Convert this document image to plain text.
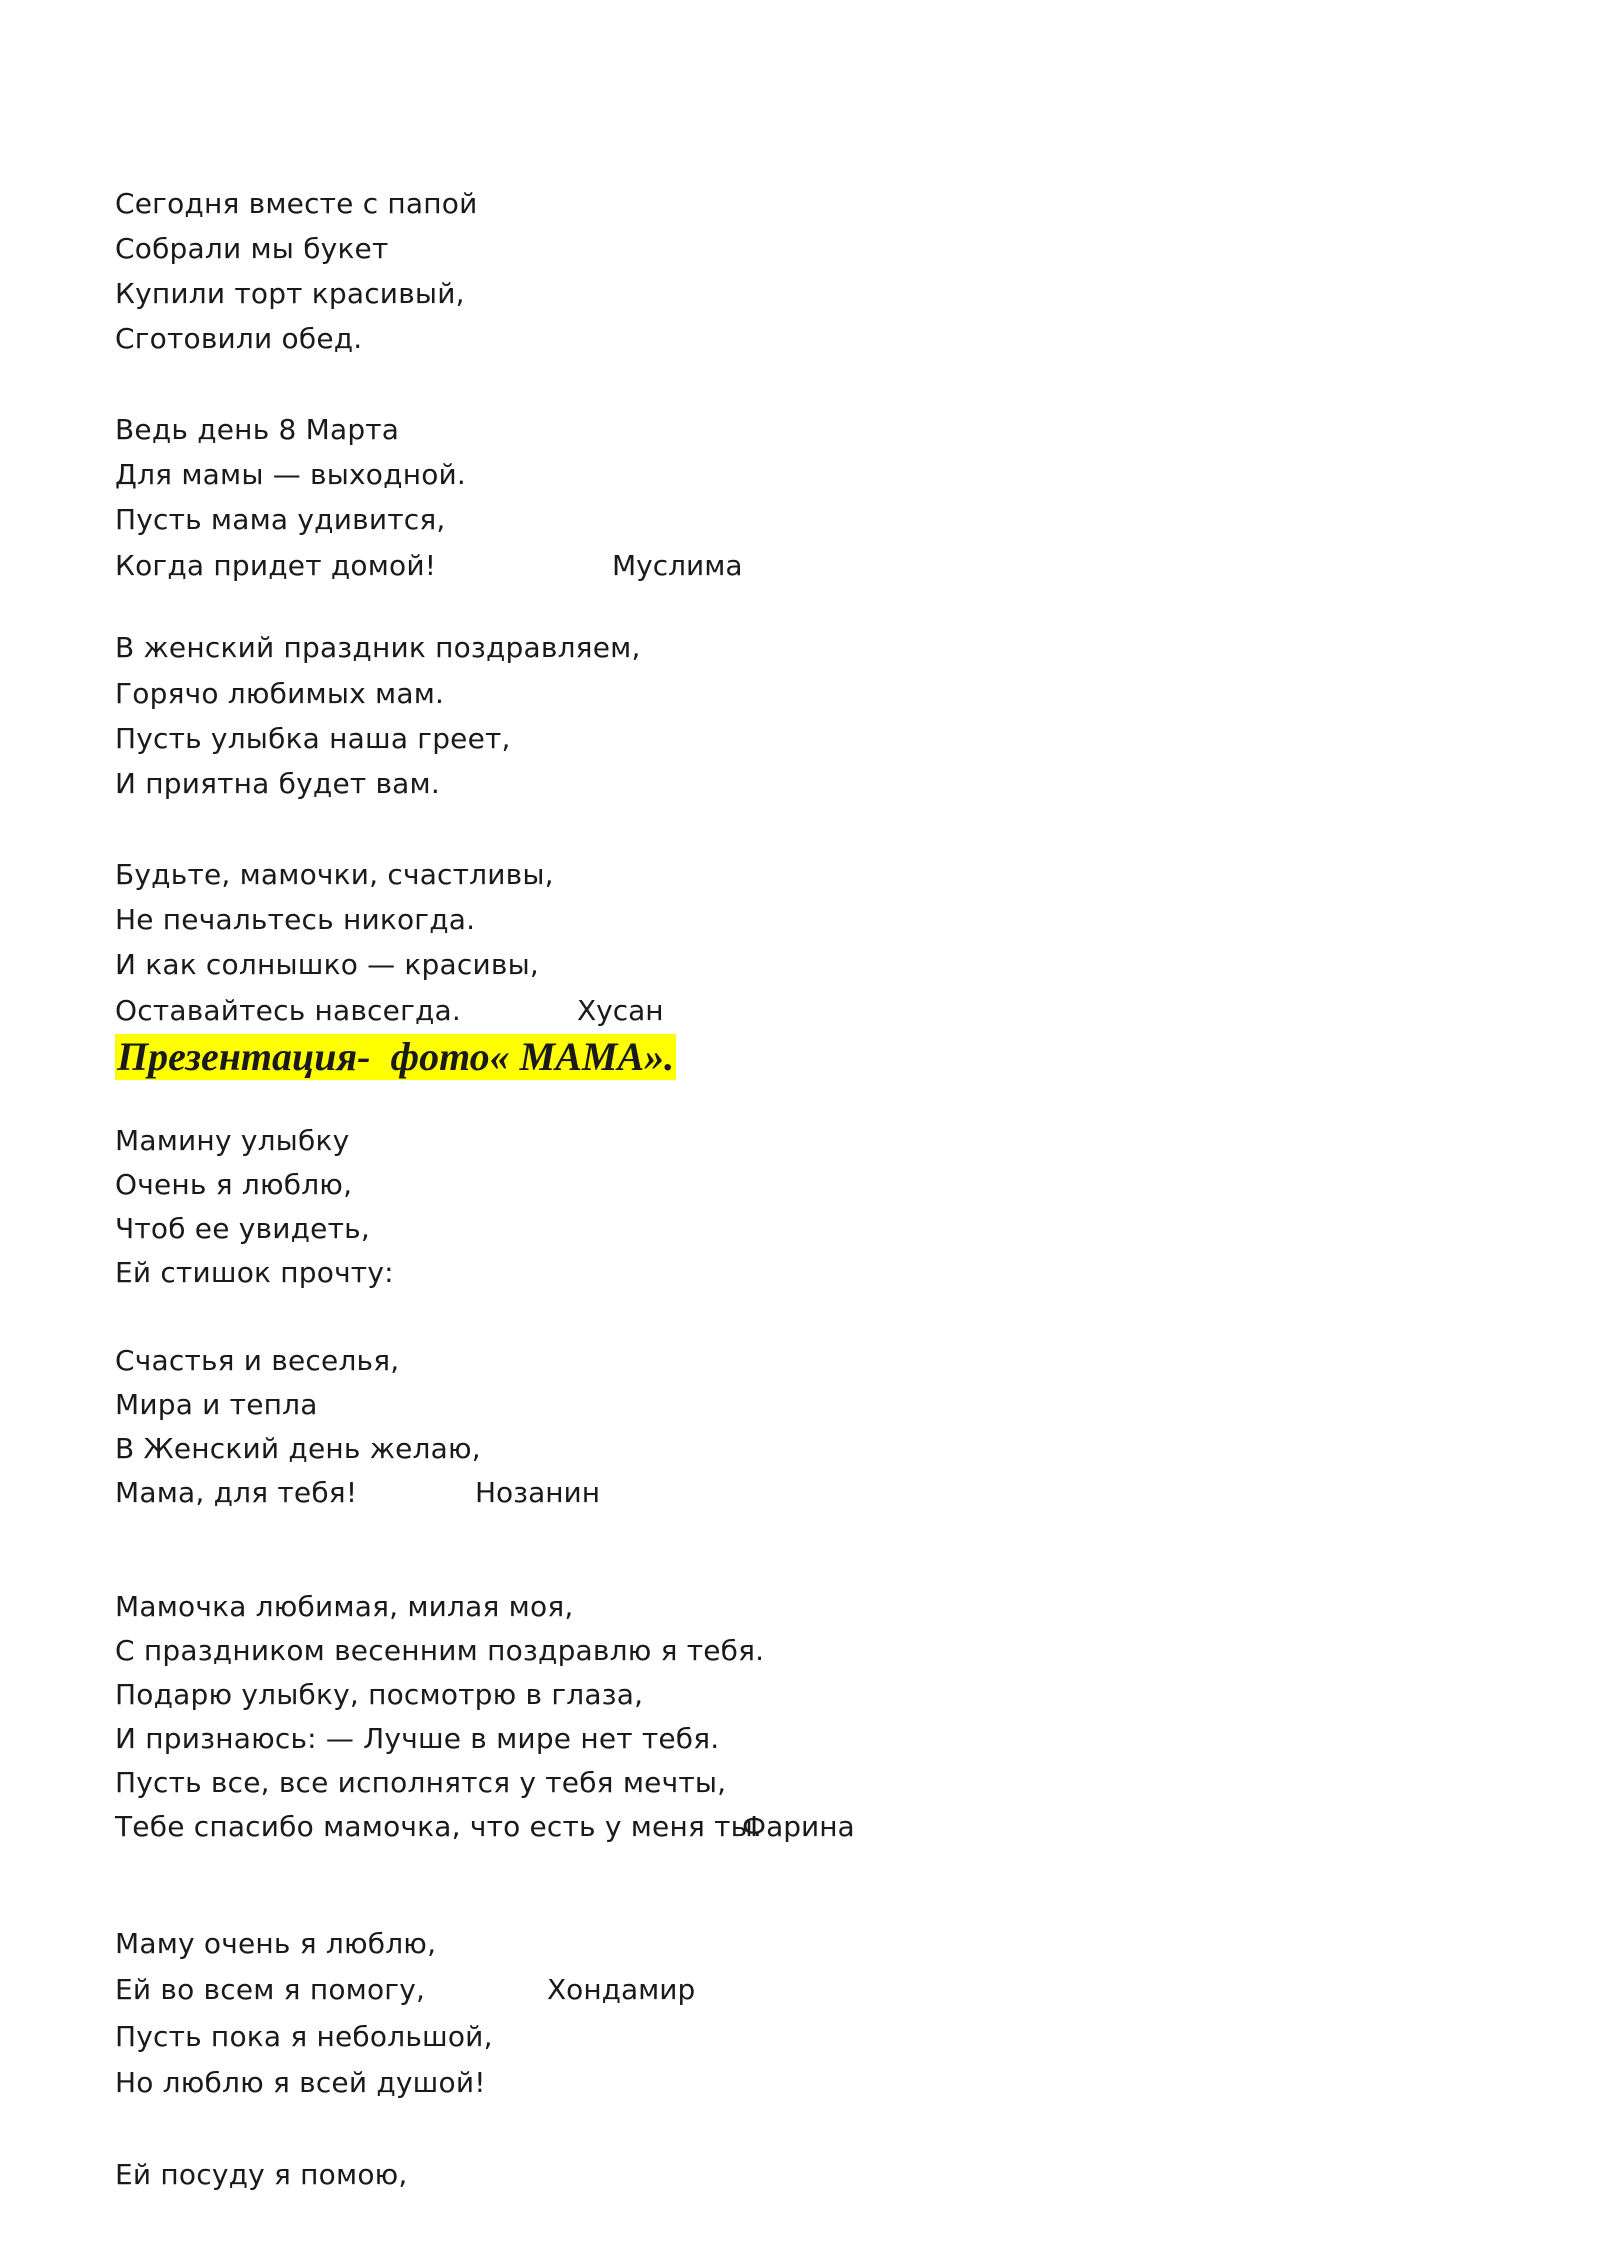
Сегодня вместе с папой
Собрали мы букет
Купили торт красивый,
Сготовили обед.
Ведь день 8 Марта
Для мамы — выходной.
Пусть мама удивится,
Когда придет домой!	Муслима
В женский праздник поздравляем,
Горячо любимых мам.
Пусть улыбка наша греет,
И приятна будет вам.
Будьте, мамочки, счастливы,
Не печальтесь никогда.
И как солнышко — красивы,
Оставайтесь навсегда.	Хусан
Презентация-  фото« МАМА».
Мамину улыбку
Очень я люблю,
Чтоб ее увидеть,
Ей стишок прочту:
Счастья и веселья,
Мира и тепла
В Женский день желаю,
Мама, для тебя!	Нозанин
Мамочка любимая, милая моя,
С праздником весенним поздравлю я тебя.
Подарю улыбку, посмотрю в глаза,
И признаюсь: — Лучше в мире нет тебя.
Пусть все, все исполнятся у тебя мечты,
Тебе спасибо мамочка, что есть у меня ты.
Фарина
Маму очень я люблю,
Ей во всем я помогу,	Хондамир
Пусть пока я небольшой,
Но люблю я всей душой!
Ей посуду я помою,
